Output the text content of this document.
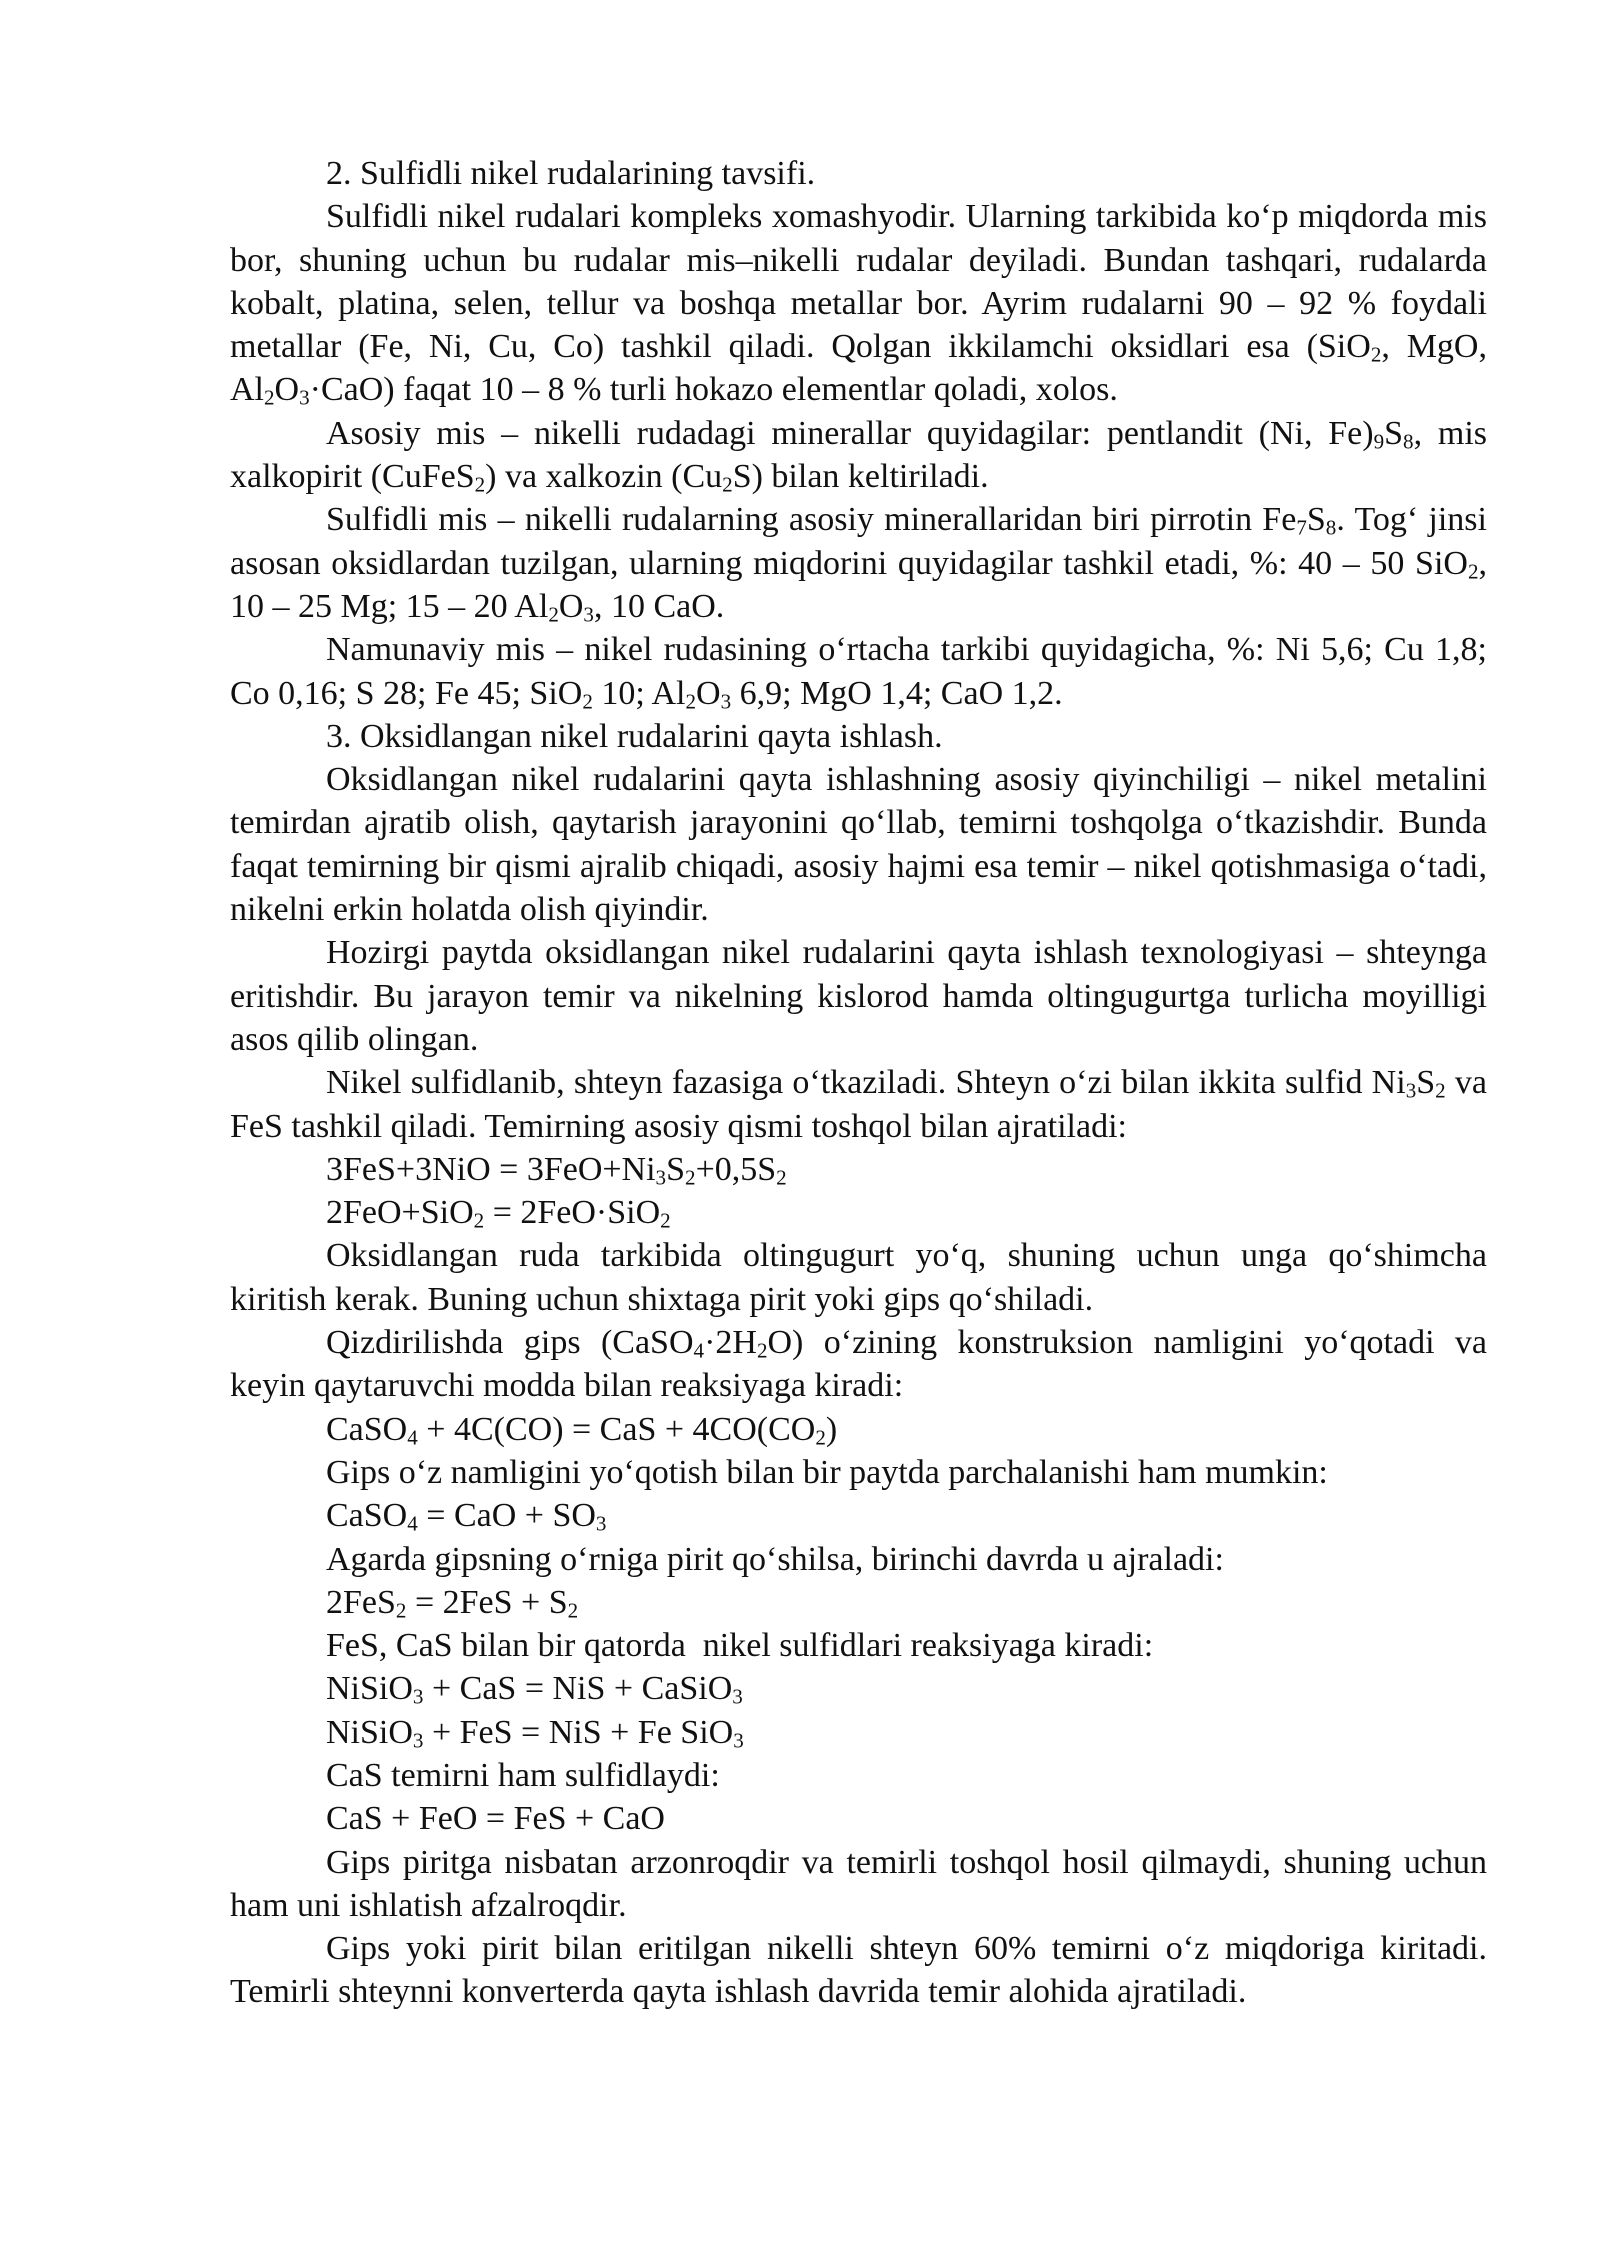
2. Sulfidli nikel rudalarining tavsifi.

Sulfidli nikel rudalari kompleks xomashyodir. Ularning tarkibida ko‘p miqdorda mis bor, shuning uchun bu rudalar mis–nikelli rudalar deyiladi. Bundan tashqari, rudalarda kobalt, platina, selen, tellur va boshqa metallar bor. Ayrim rudalarni 90 – 92 % foydali metallar (Fe, Ni, Cu, Co) tashkil qiladi. Qolgan ikkilamchi oksidlari esa (SiO$_2$, MgO, $Al_2O_3\cdot CaO$) faqat 10 – 8 % turli hokazo elementlar qoladi, xolos.

Asosiy mis – nikelli rudadagi minerallar quyidagilar: pentlandit (Ni, $Fe)_9S_8$, mis xalkopirit (CuFeS$_2$) va xalkozin $(Cu_2S)$ bilan keltiriladi.

Sulfidli mis – nikelli rudalarning asosiy minerallaridan biri pirrotin $Fe_7S_8$. Tog‘ jinsi asosan oksidlardan tuzilgan, ularning miqdorini quyidagilar tashkil etadi, %: 40 – 50 SiO$_2$, 10 – 25 Mg; 15 – 20 $Al_2O_3$, 10 CaO.

Namunaviy mis – nikel rudasining o‘rtacha tarkibi quyidagicha, %: Ni 5,6; Cu 1,8; Co 0,16; S 28; Fe 45; SiO$_2$ 10; $Al_2O_3$ 6,9; MgO 1,4; CaO 1,2.

3. Oksidlangan nikel rudalarini qayta ishlash.

Oksidlangan nikel rudalarini qayta ishlashning asosiy qiyinchiligi – nikel metalini temirdan ajratib olish, qaytarish jarayonini qo‘llab, temirni toshqolga o‘tkazishdir. Bunda faqat temirning bir qismi ajralib chiqadi, asosiy hajmi esa temir – nikel qotishmasiga o‘tadi, nikelni erkin holatda olish qiyindir.

Hozirgi paytda oksidlangan nikel rudalarini qayta ishlash texnologiyasi – shteynga eritishdir. Bu jarayon temir va nikelning kislorod hamda oltingugurtga turlicha moyilligi asos qilib olingan.

Nikel sulfidlanib, shteyn fazasiga o‘tkaziladi. Shteyn o‘zi bilan ikkita sulfid $Ni_3S_2$ va FeS tashkil qiladi. Temirning asosiy qismi toshqol bilan ajratiladi:

$3FeS+3NiO = 3FeO+Ni_3S_2+0,5S_2$

2FeO+SiO$_2$ = 2FeO·SiO$_2$

Oksidlangan ruda tarkibida oltingugurt yo‘q, shuning uchun unga qo‘shimcha kiritish kerak. Buning uchun shixtaga pirit yoki gips qo‘shiladi.

Qizdirilishda gips $(CaSO_4\cdot 2H_2O)$ o‘zining konstruksion namligini yo‘qotadi va keyin qaytaruvchi modda bilan reaksiyaga kiradi:

CaSO$_4$ + 4C(CO) = CaS + $4CO(CO_2)$

Gips o‘z namligini yo‘qotish bilan bir paytda parchalanishi ham mumkin:

CaSO$_4$ = CaO + $SO_3$

Agarda gipsning o‘rniga pirit qo‘shilsa, birinchi davrda u ajraladi:

$2FeS_2 = 2FeS + S_2$

FeS, CaS bilan bir qatorda  nikel sulfidlari reaksiyaga kiradi:

NiSiO$_3$ + CaS = NiS + CaSiO$_3$

NiSiO$_3$ + FeS = NiS + Fe SiO$_3$

CaS temirni ham sulfidlaydi:

CaS + FeO = FeS + CaO

Gips piritga nisbatan arzonroqdir va temirli toshqol hosil qilmaydi, shuning uchun ham uni ishlatish afzalroqdir.

Gips yoki pirit bilan eritilgan nikelli shteyn 60% temirni o‘z miqdoriga kiritadi. Temirli shteynni konverterda qayta ishlash davrida temir alohida ajratiladi.
